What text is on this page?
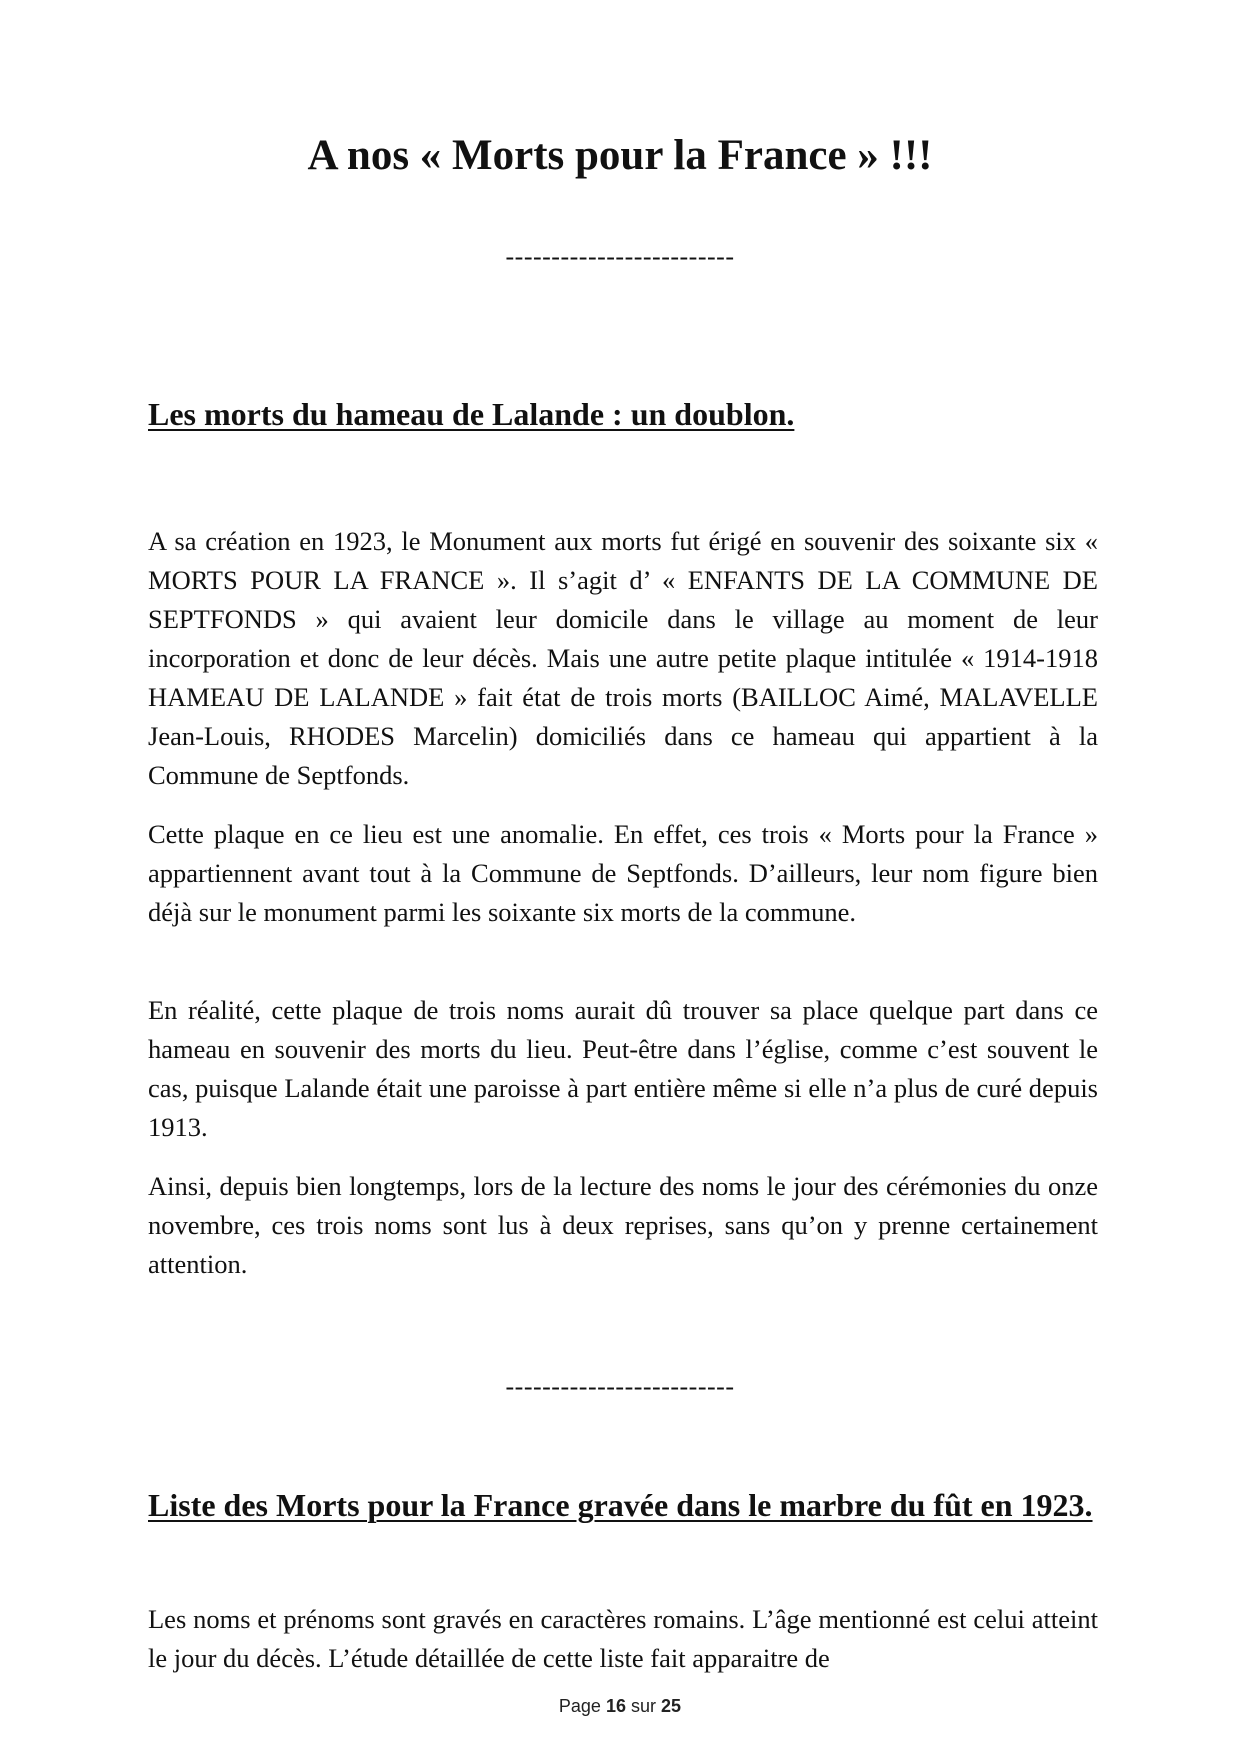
A nos « Morts pour la France » !!!

-------------------------

Les morts du hameau de Lalande : un doublon.

A sa création en 1923, le Monument aux morts fut érigé en souvenir des soixante six « MORTS POUR LA FRANCE ». Il s’agit d’ « ENFANTS DE LA COMMUNE DE SEPTFONDS » qui avaient leur domicile dans le village au moment de leur incorporation et donc de leur décès. Mais une autre petite plaque intitulée « 1914-1918 HAMEAU DE LALANDE » fait état de trois morts (BAILLOC Aimé, MALAVELLE Jean-Louis, RHODES Marcelin) domiciliés dans ce hameau qui appartient à la Commune de Septfonds.

Cette plaque en ce lieu est une anomalie. En effet, ces trois « Morts pour la France » appartiennent avant tout à la Commune de Septfonds. D’ailleurs, leur nom figure bien déjà sur le monument parmi les soixante six morts de la commune.

En réalité, cette plaque de trois noms aurait dû trouver sa place quelque part dans ce hameau en souvenir des morts du lieu. Peut-être dans l’église, comme c’est souvent le cas, puisque Lalande était une paroisse à part entière même si elle n’a plus de curé depuis 1913.

Ainsi, depuis bien longtemps, lors de la lecture des noms le jour des cérémonies du onze novembre, ces trois noms sont lus à deux reprises, sans qu’on y prenne certainement attention.

-------------------------

Liste des Morts pour la France gravée dans le marbre du fût en 1923.

Les noms et prénoms sont gravés en caractères romains. L’âge mentionné est celui atteint le jour du décès. L’étude détaillée de cette liste fait apparaitre de

Page 16 sur 25
